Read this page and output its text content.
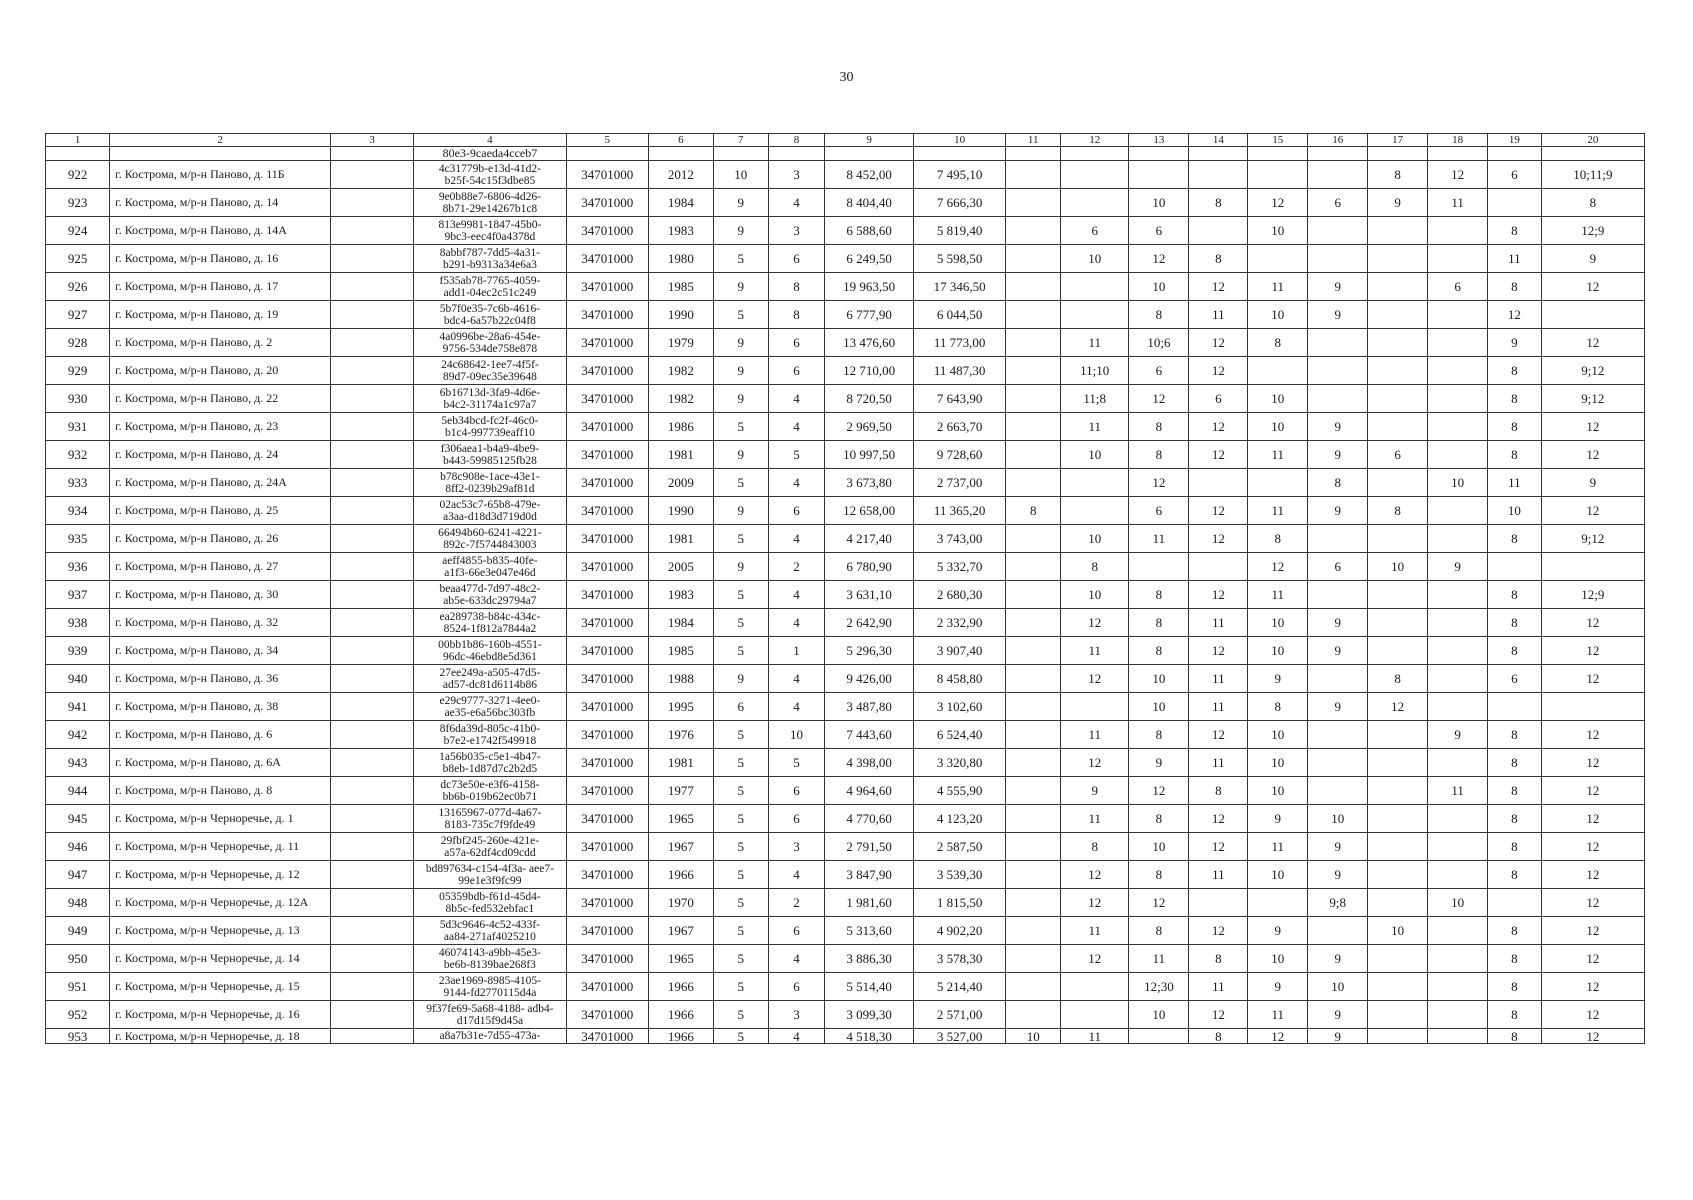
30
1	2	3	4	5	6	7	8	9	10	11	12	13	14	15	16	17	18	19	20
			80e3-9caeda4cceb7																
922	г. Кострома, м/р-н Паново, д. 11Б		4c31779b-e13d-41d2-
b25f-54c15f3dbe85	34701000	2012	10	3	8 452,00	7 495,10							8	12	6	10;11;9
923	г. Кострома, м/р-н Паново, д. 14		9e0b88e7-6806-4d26-
8b71-29e14267b1c8	34701000	1984	9	4	8 404,40	7 666,30			10	8	12	6	9	11		8
924	г. Кострома, м/р-н Паново, д. 14А		813e9981-1847-45b0-
9bc3-eec4f0a4378d	34701000	1983	9	3	6 588,60	5 819,40		6	6		10				8	12;9
925	г. Кострома, м/р-н Паново, д. 16		8abbf787-7dd5-4a31-
b291-b9313a34e6a3	34701000	1980	5	6	6 249,50	5 598,50		10	12	8					11	9
926	г. Кострома, м/р-н Паново, д. 17		f535ab78-7765-4059-
add1-04ec2c51c249	34701000	1985	9	8	19 963,50	17 346,50			10	12	11	9		6	8	12
927	г. Кострома, м/р-н Паново, д. 19		5b7f0e35-7c6b-4616-
bdc4-6a57b22c04f8	34701000	1990	5	8	6 777,90	6 044,50			8	11	10	9			12	
928	г. Кострома, м/р-н Паново, д. 2		4a0996be-28a6-454e-
9756-534de758e878	34701000	1979	9	6	13 476,60	11 773,00		11	10;6	12	8				9	12
929	г. Кострома, м/р-н Паново, д. 20		24c68642-1ee7-4f5f-
89d7-09ec35e39648	34701000	1982	9	6	12 710,00	11 487,30		11;10	6	12					8	9;12
930	г. Кострома, м/р-н Паново, д. 22		6b16713d-3fa9-4d6e-
b4c2-31174a1c97a7	34701000	1982	9	4	8 720,50	7 643,90		11;8	12	6	10				8	9;12
931	г. Кострома, м/р-н Паново, д. 23		5eb34bcd-fc2f-46c0-
b1c4-997739eaff10	34701000	1986	5	4	2 969,50	2 663,70		11	8	12	10	9			8	12
932	г. Кострома, м/р-н Паново, д. 24		f306aea1-b4a9-4be9-
b443-59985125fb28	34701000	1981	9	5	10 997,50	9 728,60		10	8	12	11	9	6		8	12
933	г. Кострома, м/р-н Паново, д. 24А		b78c908e-1ace-43e1-
8ff2-0239b29af81d	34701000	2009	5	4	3 673,80	2 737,00			12			8		10	11	9
934	г. Кострома, м/р-н Паново, д. 25		02ac53c7-65b8-479e-
a3aa-d18d3d719d0d	34701000	1990	9	6	12 658,00	11 365,20	8		6	12	11	9	8		10	12
935	г. Кострома, м/р-н Паново, д. 26		66494b60-6241-4221-
892c-7f5744843003	34701000	1981	5	4	4 217,40	3 743,00		10	11	12	8				8	9;12
936	г. Кострома, м/р-н Паново, д. 27		aeff4855-b835-40fe-
a1f3-66e3e047e46d	34701000	2005	9	2	6 780,90	5 332,70		8			12	6	10	9		
937	г. Кострома, м/р-н Паново, д. 30		beaa477d-7d97-48c2-
ab5e-633dc29794a7	34701000	1983	5	4	3 631,10	2 680,30		10	8	12	11				8	12;9
938	г. Кострома, м/р-н Паново, д. 32		ea289738-b84c-434c-
8524-1f812a7844a2	34701000	1984	5	4	2 642,90	2 332,90		12	8	11	10	9			8	12
939	г. Кострома, м/р-н Паново, д. 34		00bb1b86-160b-4551-
96dc-46ebd8e5d361	34701000	1985	5	1	5 296,30	3 907,40		11	8	12	10	9			8	12
940	г. Кострома, м/р-н Паново, д. 36		27ee249a-a505-47d5-
ad57-dc81d6114b86	34701000	1988	9	4	9 426,00	8 458,80		12	10	11	9		8		6	12
941	г. Кострома, м/р-н Паново, д. 38		e29c9777-3271-4ee0-
ae35-e6a56bc303fb	34701000	1995	6	4	3 487,80	3 102,60			10	11	8	9	12			
942	г. Кострома, м/р-н Паново, д. 6		8f6da39d-805c-41b0-
b7e2-e1742f549918	34701000	1976	5	10	7 443,60	6 524,40		11	8	12	10			9	8	12
943	г. Кострома, м/р-н Паново, д. 6А		1a56b035-c5e1-4b47-
b8eb-1d87d7c2b2d5	34701000	1981	5	5	4 398,00	3 320,80		12	9	11	10				8	12
944	г. Кострома, м/р-н Паново, д. 8		dc73e50e-e3f6-4158-
bb6b-019b62ec0b71	34701000	1977	5	6	4 964,60	4 555,90		9	12	8	10			11	8	12
945	г. Кострома, м/р-н Черноречье, д. 1		13165967-077d-4a67-
8183-735c7f9fde49	34701000	1965	5	6	4 770,60	4 123,20		11	8	12	9	10			8	12
946	г. Кострома, м/р-н Черноречье, д. 11		29fbf245-260e-421e-
a57a-62df4cd09cdd	34701000	1967	5	3	2 791,50	2 587,50		8	10	12	11	9			8	12
947	г. Кострома, м/р-н Черноречье, д. 12		bd897634-c154-4f3a- aee7-
99e1e3f9fc99	34701000	1966	5	4	3 847,90	3 539,30		12	8	11	10	9			8	12
948	г. Кострома, м/р-н Черноречье, д. 12А		05359bdb-f61d-45d4-
8b5c-fed532ebfac1	34701000	1970	5	2	1 981,60	1 815,50		12	12			9;8		10		12
949	г. Кострома, м/р-н Черноречье, д. 13		5d3c9646-4c52-433f-
aa84-271af4025210	34701000	1967	5	6	5 313,60	4 902,20		11	8	12	9		10		8	12
950	г. Кострома, м/р-н Черноречье, д. 14		46074143-a9bb-45e3-
be6b-8139bae268f3	34701000	1965	5	4	3 886,30	3 578,30		12	11	8	10	9			8	12
951	г. Кострома, м/р-н Черноречье, д. 15		23ae1969-8985-4105-
9144-fd2770115d4a	34701000	1966	5	6	5 514,40	5 214,40			12;30	11	9	10			8	12
952	г. Кострома, м/р-н Черноречье, д. 16		9f37fe69-5a68-4188- adb4-
d17d15f9d45a	34701000	1966	5	3	3 099,30	2 571,00			10	12	11	9			8	12
953	г. Кострома, м/р-н Черноречье, д. 18		a8a7b31e-7d55-473a-	34701000	1966	5	4	4 518,30	3 527,00	10	11		8	12	9			8	12
